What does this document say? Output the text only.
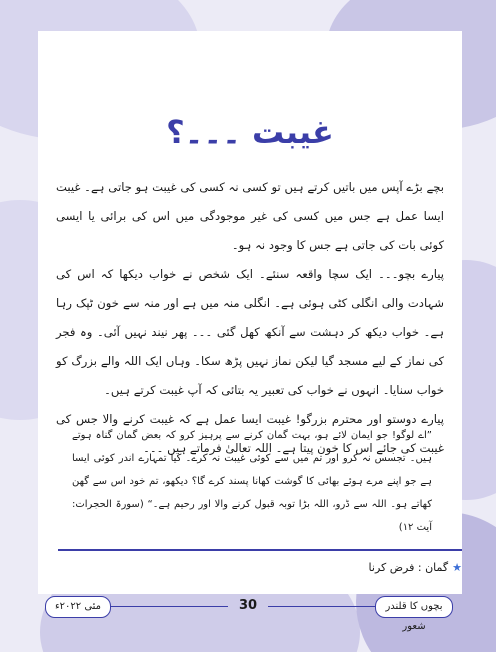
غیبت ۔۔۔؟

بچے بڑے آپس میں باتیں کرتے ہیں تو کسی نہ کسی کی غیبت ہو جاتی ہے۔ غیبت ایسا عمل ہے جس میں کسی کی غیر موجودگی میں اس کی برائی یا ایسی کوئی بات کی جاتی ہے جس کا وجود نہ ہو۔

پیارے بچو۔۔۔ ایک سچا واقعہ سنئے۔ ایک شخص نے خواب دیکھا کہ اس کی شہادت والی انگلی کٹی ہوئی ہے۔ انگلی منہ میں ہے اور منہ سے خون ٹپک رہا ہے۔ خواب دیکھ کر دہشت سے آنکھ کھل گئی ۔۔۔ پھر نیند نہیں آئی۔ وہ فجر کی نماز کے لیے مسجد گیا لیکن نماز نہیں پڑھ سکا۔ وہاں ایک اللہ والے بزرگ کو خواب سنایا۔ انہوں نے خواب کی تعبیر یہ بتائی کہ آپ غیبت کرتے ہیں۔

پیارے دوستو اور محترم بزرگو! غیبت ایسا عمل ہے کہ غیبت کرنے والا جس کی غیبت کی جائے اس کا خون پیتا ہے۔ اللہ تعالیٰ فرماتے ہیں ۔۔۔

”اے لوگو! جو ایمان لائے ہو، بہت گمان کرنے سے پرہیز کرو کہ بعض گمان گناہ ہوتے ہیں۔ تجسس نہ کرو اور تم میں سے کوئی غیبت نہ کرے۔ کیا تمہارے اندر کوئی ایسا ہے جو اپنے مرے ہوئے بھائی کا گوشت کھانا پسند کرے گا؟ دیکھو، تم خود اس سے گھن کھاتے ہو۔ اللہ سے ڈرو، اللہ بڑا توبہ قبول کرنے والا اور رحیم ہے۔“ (سورۃ الحجرات: آیت ۱۲)

★گمان : فرض کرنا
مئی ۲۰۲۲ء	30	بچوں کا قلندر شعور
